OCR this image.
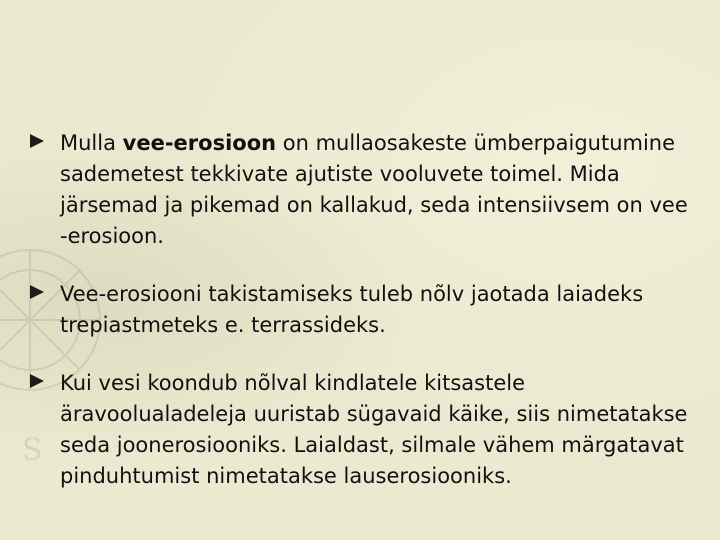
S
Mulla vee-erosioon on mullaosakeste ümberpaigutumine sademetest tekkivate ajutiste vooluvete toimel. Mida järsemad ja pikemad on kallakud, seda intensiivsem on vee -erosioon.
Vee-erosiooni takistamiseks tuleb nõlv jaotada laiadeks trepiastmeteks e. terrassideks.
Kui vesi koondub nõlval kindlatele kitsastele äravoolualadeleja uuristab sügavaid käike, siis nimetatakse seda joonerosiooniks. Laialdast, silmale vähem märgatavat pinduhtumist nimetatakse lauserosiooniks.
